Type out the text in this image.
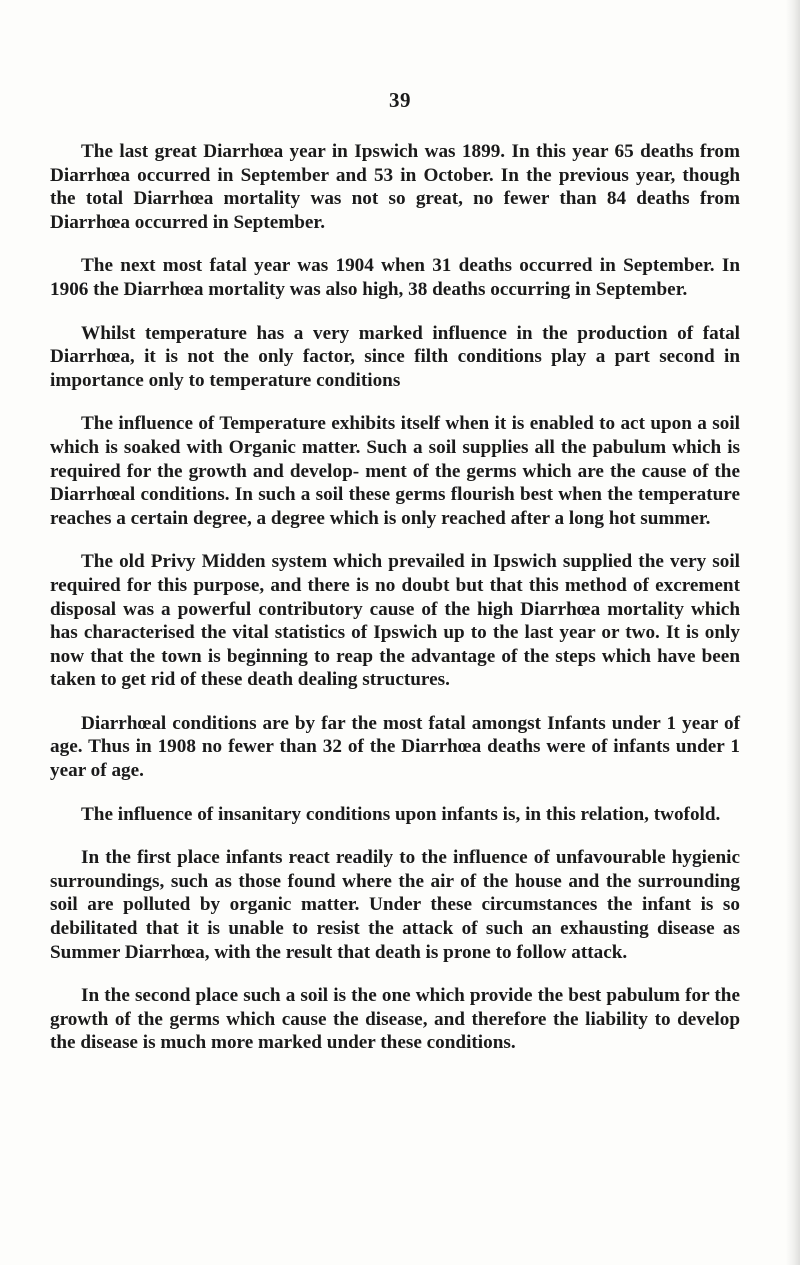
39

The last great Diarrhœa year in Ipswich was 1899. In this year 65 deaths from Diarrhœa occurred in September and 53 in October. In the previous year, though the total Diarrhœa mortality was not so great, no fewer than 84 deaths from Diarrhœa occurred in September.

The next most fatal year was 1904 when 31 deaths occurred in September. In 1906 the Diarrhœa mortality was also high, 38 deaths occurring in September.

Whilst temperature has a very marked influence in the production of fatal Diarrhœa, it is not the only factor, since filth conditions play a part second in importance only to temperature conditions

The influence of Temperature exhibits itself when it is enabled to act upon a soil which is soaked with Organic matter. Such a soil supplies all the pabulum which is required for the growth and develop- ment of the germs which are the cause of the Diarrhœal conditions. In such a soil these germs flourish best when the temperature reaches a certain degree, a degree which is only reached after a long hot summer.

The old Privy Midden system which prevailed in Ipswich supplied the very soil required for this purpose, and there is no doubt but that this method of excrement disposal was a powerful contributory cause of the high Diarrhœa mortality which has characterised the vital statistics of Ipswich up to the last year or two. It is only now that the town is beginning to reap the advantage of the steps which have been taken to get rid of these death dealing structures.

Diarrhœal conditions are by far the most fatal amongst Infants under 1 year of age. Thus in 1908 no fewer than 32 of the Diarrhœa deaths were of infants under 1 year of age.

The influence of insanitary conditions upon infants is, in this relation, twofold.

In the first place infants react readily to the influence of unfavourable hygienic surroundings, such as those found where the air of the house and the surrounding soil are polluted by organic matter. Under these circumstances the infant is so debilitated that it is unable to resist the attack of such an exhausting disease as Summer Diarrhœa, with the result that death is prone to follow attack.

In the second place such a soil is the one which provide the best pabulum for the growth of the germs which cause the disease, and therefore the liability to develop the disease is much more marked under these conditions.
